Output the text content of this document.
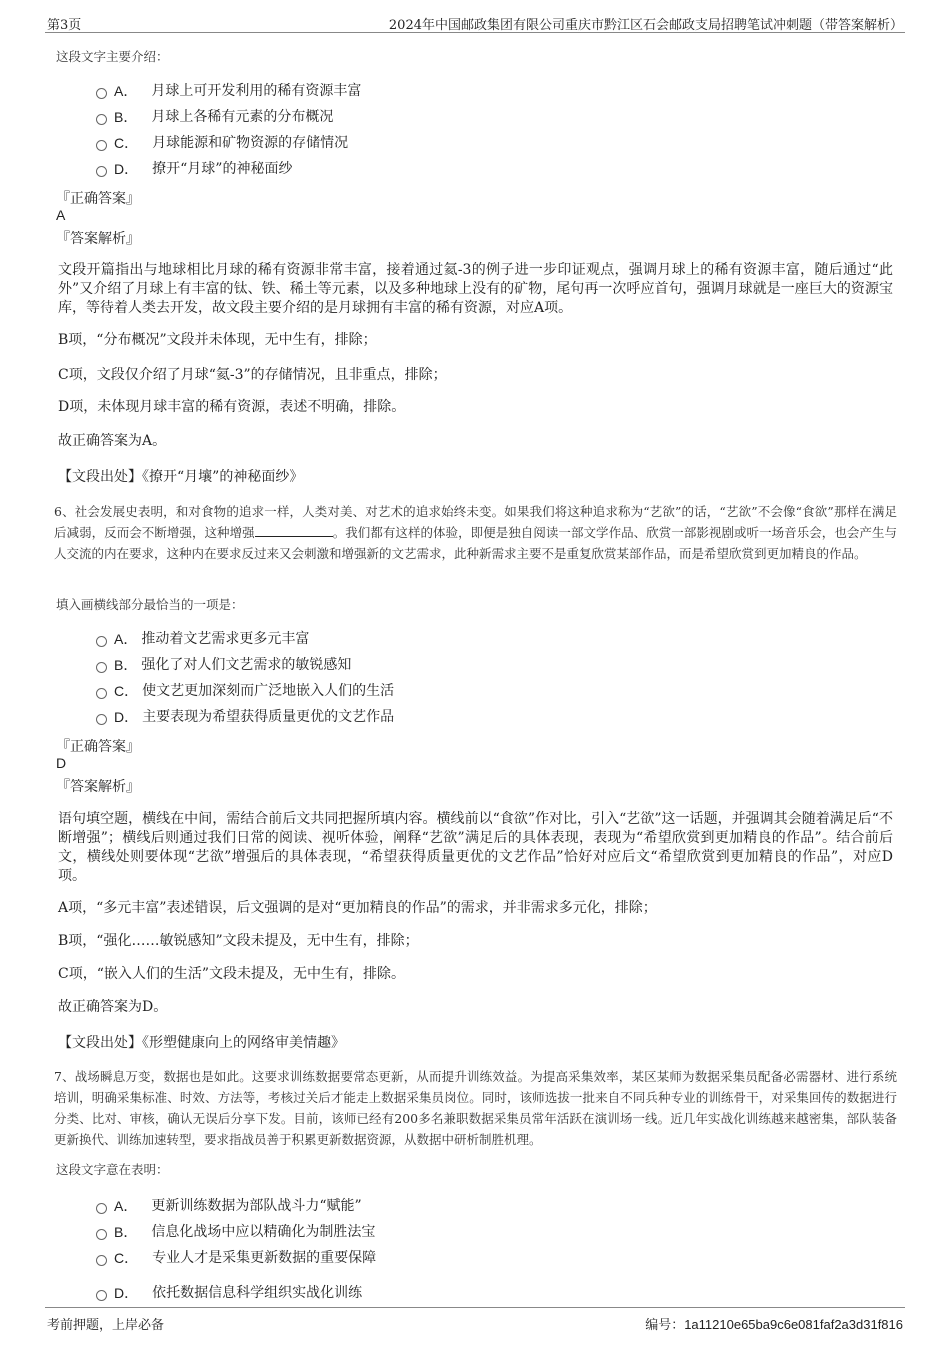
第3页	2024年中国邮政集团有限公司重庆市黔江区石会邮政支局招聘笔试冲刺题（带答案解析）
这段文字主要介绍：
A． 月球上可开发利用的稀有资源丰富
B． 月球上各稀有元素的分布概况
C． 月球能源和矿物资源的存储情况
D． 撩开“月球”的神秘面纱
『正确答案』
A
『答案解析』
文段开篇指出与地球相比月球的稀有资源非常丰富，接着通过氦-3的例子进一步印证观点，强调月球上的稀有资源丰富，随后通过“此外”又介绍了月球上有丰富的钛、铁、稀土等元素，以及多种地球上没有的矿物，尾句再一次呼应首句，强调月球就是一座巨大的资源宝库，等待着人类去开发，故文段主要介绍的是月球拥有丰富的稀有资源，对应A项。
B项，“分布概况”文段并未体现，无中生有，排除；
C项，文段仅介绍了月球“氦-3”的存储情况，且非重点，排除；
D项，未体现月球丰富的稀有资源，表述不明确，排除。
故正确答案为A。
【文段出处】《撩开“月壤”的神秘面纱》
6、社会发展史表明，和对食物的追求一样，人类对美、对艺术的追求始终未变。如果我们将这种追求称为“艺欲”的话，“艺欲”不会像“食欲”那样在满足后减弱，反而会不断增强，这种增强	。我们都有这样的体验，即便是独自阅读一部文学作品、欣赏一部影视剧或听一场音乐会，也会产生与人交流的内在要求，这种内在要求反过来又会刺激和增强新的文艺需求，此种新需求主要不是重复欣赏某部作品，而是希望欣赏到更加精良的作品。
填入画横线部分最恰当的一项是：
A． 推动着文艺需求更多元丰富
B． 强化了对人们文艺需求的敏锐感知
C． 使文艺更加深刻而广泛地嵌入人们的生活
D． 主要表现为希望获得质量更优的文艺作品
『正确答案』
D
『答案解析』
语句填空题，横线在中间，需结合前后文共同把握所填内容。横线前以“食欲”作对比，引入“艺欲”这一话题，并强调其会随着满足后“不断增强”；横线后则通过我们日常的阅读、视听体验，阐释“艺欲”满足后的具体表现，表现为“希望欣赏到更加精良的作品”。结合前后文，横线处则要体现“艺欲”增强后的具体表现，“希望获得质量更优的文艺作品”恰好对应后文“希望欣赏到更加精良的作品”，对应D项。
A项，“多元丰富”表述错误，后文强调的是对“更加精良的作品”的需求，并非需求多元化，排除；
B项，“强化……敏锐感知”文段未提及，无中生有，排除；
C项，“嵌入人们的生活”文段未提及，无中生有，排除。
故正确答案为D。
【文段出处】《形塑健康向上的网络审美情趣》
7、战场瞬息万变，数据也是如此。这要求训练数据要常态更新，从而提升训练效益。为提高采集效率，某区某师为数据采集员配备必需器材、进行系统培训，明确采集标准、时效、方法等，考核过关后才能走上数据采集员岗位。同时，该师选拔一批来自不同兵种专业的训练骨干，对采集回传的数据进行分类、比对、审核，确认无误后分享下发。目前，该师已经有200多名兼职数据采集员常年活跃在演训场一线。近几年实战化训练越来越密集，部队装备更新换代、训练加速转型，要求指战员善于积累更新数据资源，从数据中研析制胜机理。
这段文字意在表明：
A． 更新训练数据为部队战斗力“赋能”
B． 信息化战场中应以精确化为制胜法宝
C． 专业人才是采集更新数据的重要保障
D． 依托数据信息科学组织实战化训练
考前押题，上岸必备	编号：1a11210e65ba9c6e081faf2a3d31f816
